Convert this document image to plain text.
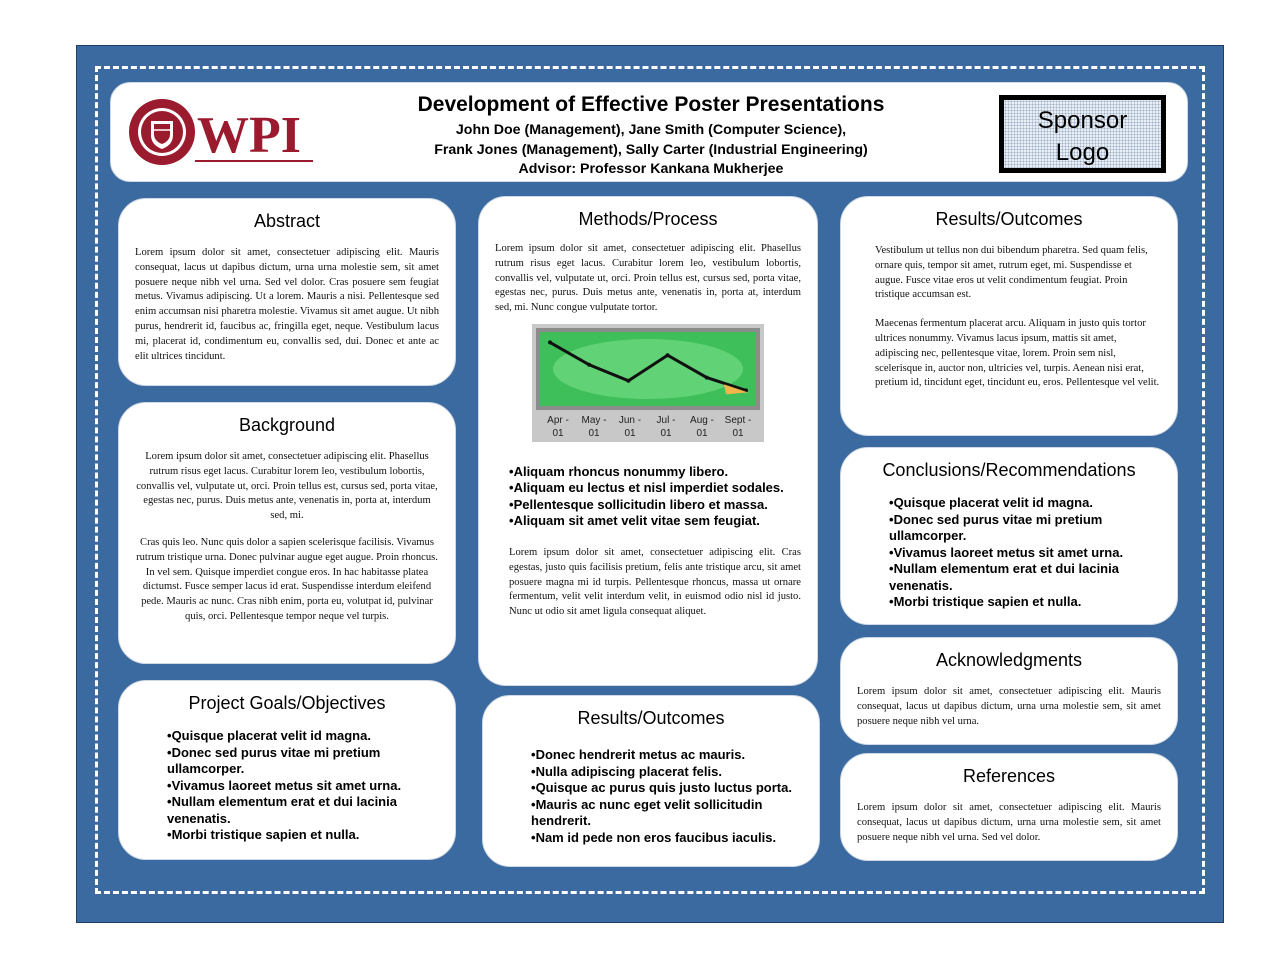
WPI
Development of Effective Poster Presentations
John Doe (Management), Jane Smith (Computer Science),
Frank Jones (Management), Sally Carter (Industrial Engineering)
Advisor: Professor Kankana Mukherjee
Sponsor
Logo
Abstract

Lorem ipsum dolor sit amet, consectetuer adipiscing elit. Mauris consequat, lacus ut dapibus dictum, urna urna molestie sem, sit amet posuere neque nibh vel urna. Sed vel dolor. Cras posuere sem feugiat metus. Vivamus adipiscing. Ut a lorem. Mauris a nisi. Pellentesque sed enim accumsan nisi pharetra molestie. Vivamus sit amet augue. Ut nibh purus, hendrerit id, faucibus ac, fringilla eget, neque. Vestibulum lacus mi, placerat id, condimentum eu, convallis sed, dui. Donec et ante ac elit ultrices tincidunt.

Background

Lorem ipsum dolor sit amet, consectetuer adipiscing elit. Phasellus rutrum risus eget lacus. Curabitur lorem leo, vestibulum lobortis, convallis vel, vulputate ut, orci. Proin tellus est, cursus sed, porta vitae, egestas nec, purus. Duis metus ante, venenatis in, porta at, interdum sed, mi.

Cras quis leo. Nunc quis dolor a sapien scelerisque facilisis. Vivamus rutrum tristique urna. Donec pulvinar augue eget augue. Proin rhoncus. In vel sem. Quisque imperdiet congue eros. In hac habitasse platea dictumst. Fusce semper lacus id erat. Suspendisse interdum eleifend pede. Mauris ac nunc. Cras nibh enim, porta eu, volutpat id, pulvinar quis, orci. Pellentesque tempor neque vel turpis.

Project Goals/Objectives
• Quisque placerat velit id magna.
• Donec sed purus vitae mi pretium ullamcorper.
• Vivamus laoreet metus sit amet urna.
• Nullam elementum erat et dui lacinia venenatis.
• Morbi tristique sapien et nulla.
Methods/Process

Lorem ipsum dolor sit amet, consectetuer adipiscing elit. Phasellus rutrum risus eget lacus. Curabitur lorem leo, vestibulum lobortis, convallis vel, vulputate ut, orci. Proin tellus est, cursus sed, porta vitae, egestas nec, purus. Duis metus ante, venenatis in, porta at, interdum sed, mi. Nunc congue vulputate tortor.

Apr -
01
May -
01
Jun -
01
Jul -
01
Aug -
01
Sept -
01
• Aliquam rhoncus nonummy libero.
• Aliquam eu lectus et nisl imperdiet sodales.
• Pellentesque sollicitudin libero et massa.
• Aliquam sit amet velit vitae sem feugiat.

Lorem ipsum dolor sit amet, consectetuer adipiscing elit. Cras egestas, justo quis facilisis pretium, felis ante tristique arcu, sit amet posuere magna mi id turpis. Pellentesque rhoncus, massa ut ornare fermentum, velit velit interdum velit, in euismod odio nisl id justo. Nunc ut odio sit amet ligula consequat aliquet.

Results/Outcomes
• Donec hendrerit metus ac mauris.
• Nulla adipiscing placerat felis.
• Quisque ac purus quis justo luctus porta.
• Mauris ac nunc eget velit sollicitudin hendrerit.
• Nam id pede non eros faucibus iaculis.
Results/Outcomes

Vestibulum ut tellus non dui bibendum pharetra. Sed quam felis, ornare quis, tempor sit amet, rutrum eget, mi. Suspendisse et augue. Fusce vitae eros ut velit condimentum feugiat. Proin tristique accumsan est.

Maecenas fermentum placerat arcu. Aliquam in justo quis tortor ultrices nonummy. Vivamus lacus ipsum, mattis sit amet, adipiscing nec, pellentesque vitae, lorem. Proin sem nisl, scelerisque in, auctor non, ultricies vel, turpis. Aenean nisi erat, pretium id, tincidunt eget, tincidunt eu, eros. Pellentesque vel velit.

Conclusions/Recommendations
• Quisque placerat velit id magna.
• Donec sed purus vitae mi pretium ullamcorper.
• Vivamus laoreet metus sit amet urna.
• Nullam elementum erat et dui lacinia venenatis.
• Morbi tristique sapien et nulla.
Acknowledgments

Lorem ipsum dolor sit amet, consectetuer adipiscing elit. Mauris consequat, lacus ut dapibus dictum, urna urna molestie sem, sit amet posuere neque nibh vel urna.

References

Lorem ipsum dolor sit amet, consectetuer adipiscing elit. Mauris consequat, lacus ut dapibus dictum, urna urna molestie sem, sit amet posuere neque nibh vel urna. Sed vel dolor.
